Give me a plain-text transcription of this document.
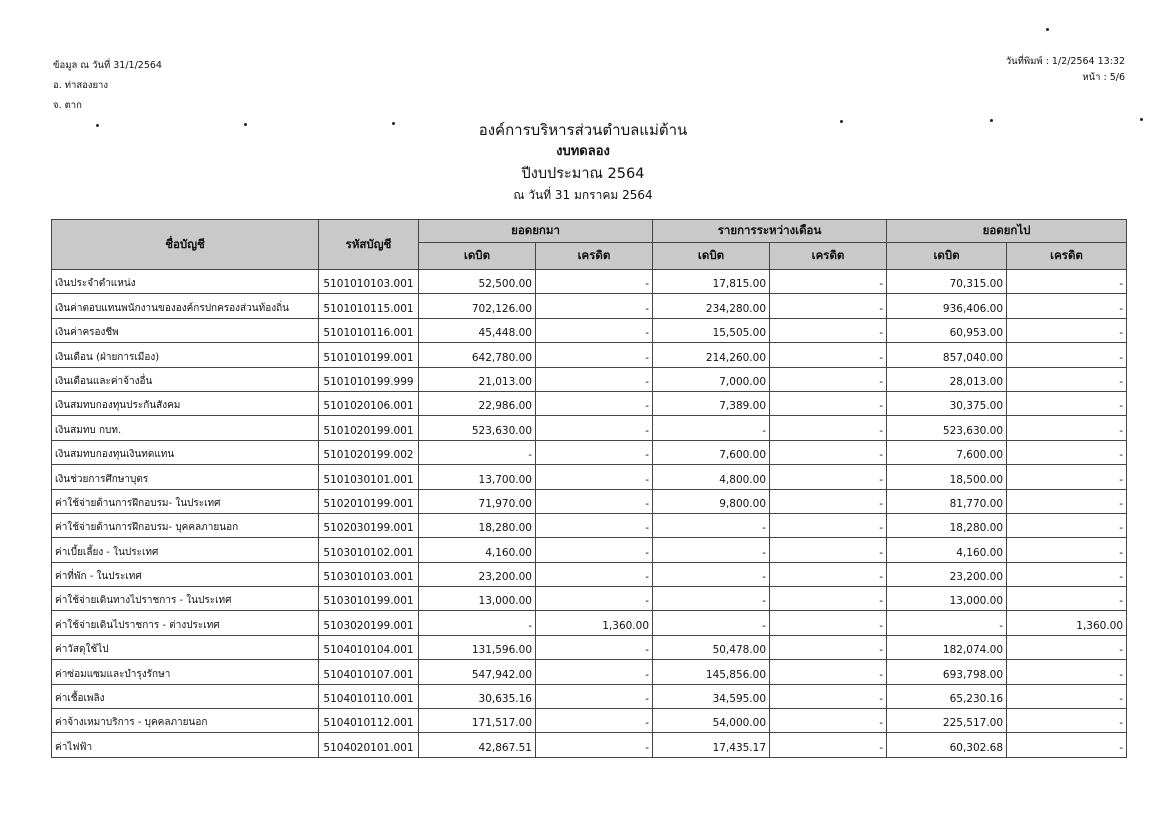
ข้อมูล ณ วันที่ 31/1/2564
อ. ท่าสองยาง
จ. ตาก
วันที่พิมพ์ : 1/2/2564 13:32
หน้า : 5/6
องค์การบริหารส่วนตำบลแม่ต้าน
งบทดลอง
ปีงบประมาณ 2564
ณ วันที่ 31 มกราคม 2564
ชื่อบัญชี	รหัสบัญชี	ยอดยกมา		รายการระหว่างเดือน		ยอดยกไป	
		เดบิต	เครดิต	เดบิต	เครดิต	เดบิต	เครดิต
เงินประจำตำแหน่ง	5101010103.001	52,500.00	-	17,815.00	-	70,315.00	-
เงินค่าตอบแทนพนักงานขององค์กรปกครองส่วนท้องถิ่น	5101010115.001	702,126.00	-	234,280.00	-	936,406.00	-
เงินค่าครองชีพ	5101010116.001	45,448.00	-	15,505.00	-	60,953.00	-
เงินเดือน (ฝ่ายการเมือง)	5101010199.001	642,780.00	-	214,260.00	-	857,040.00	-
เงินเดือนและค่าจ้างอื่น	5101010199.999	21,013.00	-	7,000.00	-	28,013.00	-
เงินสมทบกองทุนประกันสังคม	5101020106.001	22,986.00	-	7,389.00	-	30,375.00	-
เงินสมทบ กบท.	5101020199.001	523,630.00	-	-	-	523,630.00	-
เงินสมทบกองทุนเงินทดแทน	5101020199.002	-	-	7,600.00	-	7,600.00	-
เงินช่วยการศึกษาบุตร	5101030101.001	13,700.00	-	4,800.00	-	18,500.00	-
ค่าใช้จ่ายด้านการฝึกอบรม- ในประเทศ	5102010199.001	71,970.00	-	9,800.00	-	81,770.00	-
ค่าใช้จ่ายด้านการฝึกอบรม- บุคคลภายนอก	5102030199.001	18,280.00	-	-	-	18,280.00	-
ค่าเบี้ยเลี้ยง - ในประเทศ	5103010102.001	4,160.00	-	-	-	4,160.00	-
ค่าที่พัก - ในประเทศ	5103010103.001	23,200.00	-	-	-	23,200.00	-
ค่าใช้จ่ายเดินทางไปราชการ - ในประเทศ	5103010199.001	13,000.00	-	-	-	13,000.00	-
ค่าใช้จ่ายเดินไปราชการ - ต่างประเทศ	5103020199.001	-	1,360.00	-	-	-	1,360.00
ค่าวัสดุใช้ไป	5104010104.001	131,596.00	-	50,478.00	-	182,074.00	-
ค่าซ่อมแซมและบำรุงรักษา	5104010107.001	547,942.00	-	145,856.00	-	693,798.00	-
ค่าเชื้อเพลิง	5104010110.001	30,635.16	-	34,595.00	-	65,230.16	-
ค่าจ้างเหมาบริการ - บุคคลภายนอก	5104010112.001	171,517.00	-	54,000.00	-	225,517.00	-
ค่าไฟฟ้า	5104020101.001	42,867.51	-	17,435.17	-	60,302.68	-
